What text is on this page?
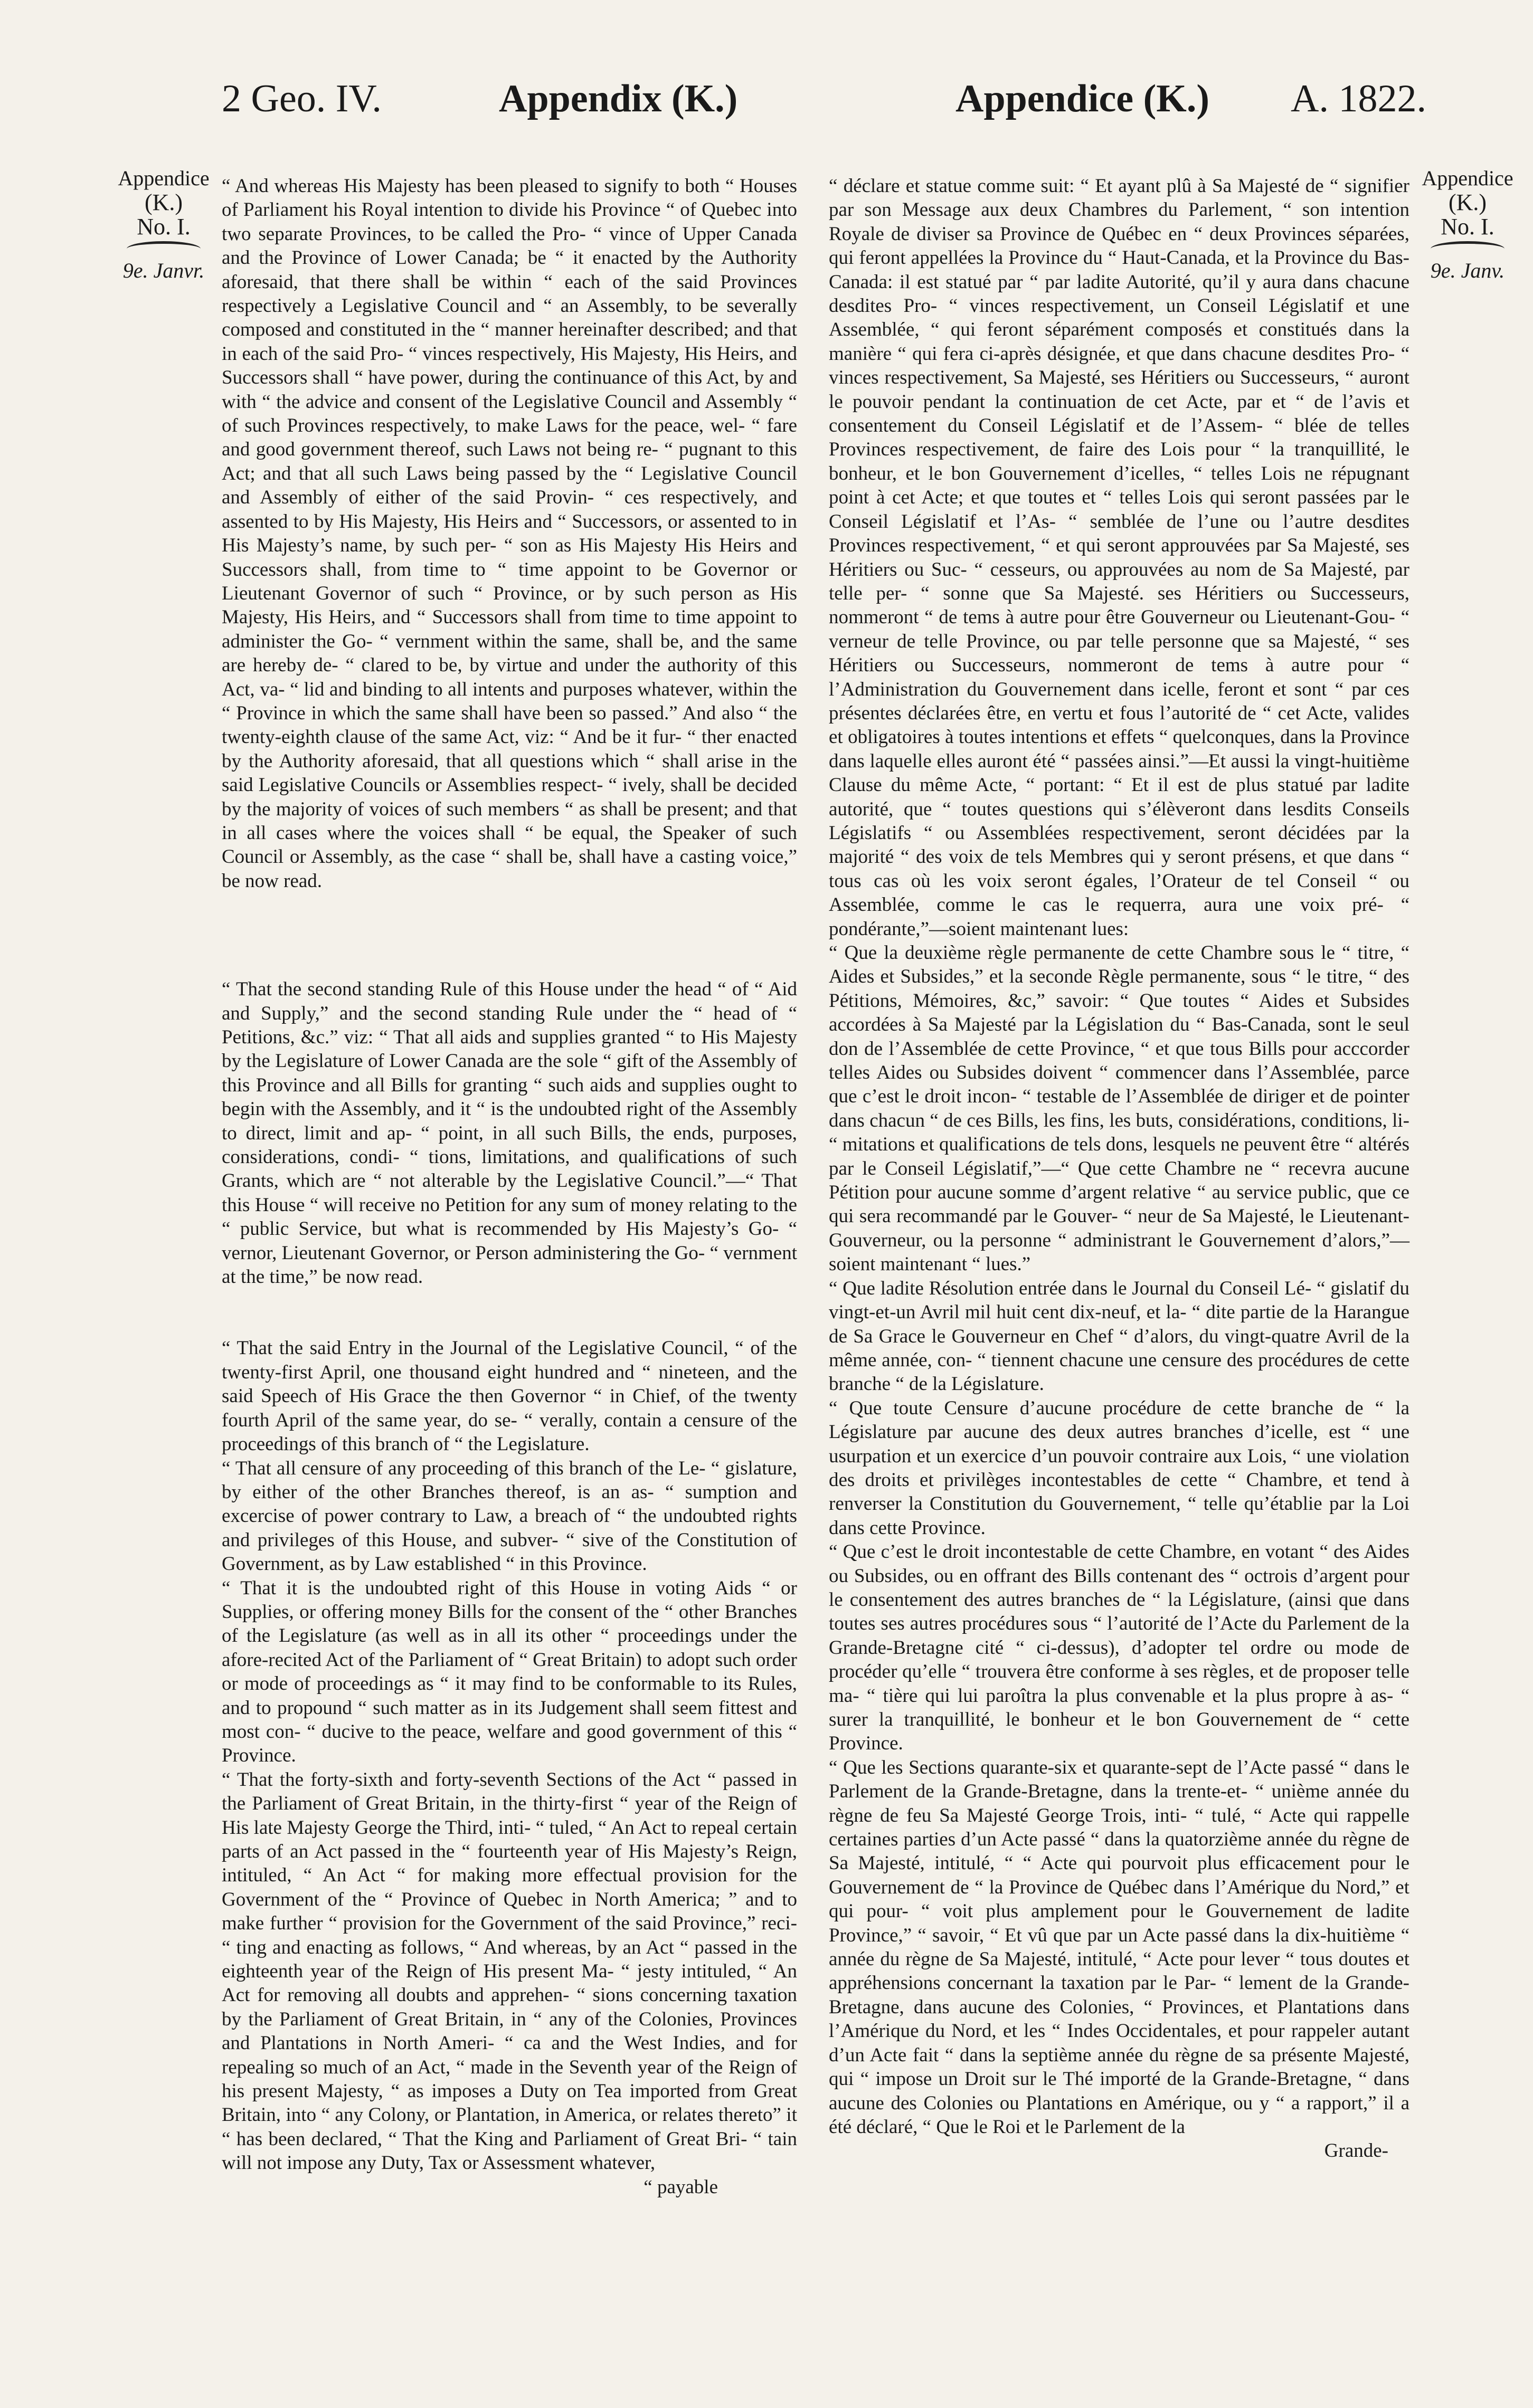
2 Geo. IV.	Appendix (K.)	Appendice (K.) A. 1822.
Appendice
(K.)
No. I.
9e. Janvr.
Appendice
(K.)
No. I.
9e. Janv.

“ And whereas His Majesty has been pleased to signify to both “ Houses of Parliament his Royal intention to divide his Province “ of Quebec into two separate Provinces, to be called the Pro- “ vince of Upper Canada and the Province of Lower Canada; be “ it enacted by the Authority aforesaid, that there shall be within “ each of the said Provinces respectively a Legislative Council and “ an Assembly, to be severally composed and constituted in the “ manner hereinafter described; and that in each of the said Pro- “ vinces respectively, His Majesty, His Heirs, and Successors shall “ have power, during the continuance of this Act, by and with “ the advice and consent of the Legislative Council and Assembly “ of such Provinces respectively, to make Laws for the peace, wel- “ fare and good government thereof, such Laws not being re- “ pugnant to this Act; and that all such Laws being passed by the “ Legislative Council and Assembly of either of the said Provin- “ ces respectively, and assented to by His Majesty, His Heirs and “ Successors, or assented to in His Majesty’s name, by such per- “ son as His Majesty His Heirs and Successors shall, from time to “ time appoint to be Governor or Lieutenant Governor of such “ Province, or by such person as His Majesty, His Heirs, and “ Successors shall from time to time appoint to administer the Go- “ vernment within the same, shall be, and the same are hereby de- “ clared to be, by virtue and under the authority of this Act, va- “ lid and binding to all intents and purposes whatever, within the “ Province in which the same shall have been so passed.” And also “ the twenty-eighth clause of the same Act, viz: “ And be it fur- “ ther enacted by the Authority aforesaid, that all questions which “ shall arise in the said Legislative Councils or Assemblies respect- “ ively, shall be decided by the majority of voices of such members “ as shall be present; and that in all cases where the voices shall “ be equal, the Speaker of such Council or Assembly, as the case “ shall be, shall have a casting voice,” be now read.

“ That the second standing Rule of this House under the head “ of “ Aid and Supply,” and the second standing Rule under the “ head of “ Petitions, &c.” viz: “ That all aids and supplies granted “ to His Majesty by the Legislature of Lower Canada are the sole “ gift of the Assembly of this Province and all Bills for granting “ such aids and supplies ought to begin with the Assembly, and it “ is the undoubted right of the Assembly to direct, limit and ap- “ point, in all such Bills, the ends, purposes, considerations, condi- “ tions, limitations, and qualifications of such Grants, which are “ not alterable by the Legislative Council.”—“ That this House “ will receive no Petition for any sum of money relating to the “ public Service, but what is recommended by His Majesty’s Go- “ vernor, Lieutenant Governor, or Person administering the Go- “ vernment at the time,” be now read.

“ That the said Entry in the Journal of the Legislative Council, “ of the twenty-first April, one thousand eight hundred and “ nineteen, and the said Speech of His Grace the then Governor “ in Chief, of the twenty fourth April of the same year, do se- “ verally, contain a censure of the proceedings of this branch of “ the Legislature.

“ That all censure of any proceeding of this branch of the Le- “ gislature, by either of the other Branches thereof, is an as- “ sumption and excercise of power contrary to Law, a breach of “ the undoubted rights and privileges of this House, and subver- “ sive of the Constitution of Government, as by Law established “ in this Province.

“ That it is the undoubted right of this House in voting Aids “ or Supplies, or offering money Bills for the consent of the “ other Branches of the Legislature (as well as in all its other “ proceedings under the afore-recited Act of the Parliament of “ Great Britain) to adopt such order or mode of proceedings as “ it may find to be conformable to its Rules, and to propound “ such matter as in its Judgement shall seem fittest and most con- “ ducive to the peace, welfare and good government of this “ Province.

“ That the forty-sixth and forty-seventh Sections of the Act “ passed in the Parliament of Great Britain, in the thirty-first “ year of the Reign of His late Majesty George the Third, inti- “ tuled, “ An Act to repeal certain parts of an Act passed in the “ fourteenth year of His Majesty’s Reign, intituled, “ An Act “ for making more effectual provision for the Government of the “ Province of Quebec in North America; ” and to make further “ provision for the Government of the said Province,” reci- “ ting and enacting as follows, “ And whereas, by an Act “ passed in the eighteenth year of the Reign of His present Ma- “ jesty intituled, “ An Act for removing all doubts and apprehen- “ sions concerning taxation by the Parliament of Great Britain, in “ any of the Colonies, Provinces and Plantations in North Ameri- “ ca and the West Indies, and for repealing so much of an Act, “ made in the Seventh year of the Reign of his present Majesty, “ as imposes a Duty on Tea imported from Great Britain, into “ any Colony, or Plantation, in America, or relates thereto” it “ has been declared, “ That the King and Parliament of Great Bri- “ tain will not impose any Duty, Tax or Assessment whatever,

“ payable

“ déclare et statue comme suit: “ Et ayant plû à Sa Majesté de “ signifier par son Message aux deux Chambres du Parlement, “ son intention Royale de diviser sa Province de Québec en “ deux Provinces séparées, qui feront appellées la Province du “ Haut-Canada, et la Province du Bas-Canada: il est statué par “ par ladite Autorité, qu’il y aura dans chacune desdites Pro- “ vinces respectivement, un Conseil Législatif et une Assemblée, “ qui feront séparément composés et constitués dans la manière “ qui fera ci-après désignée, et que dans chacune desdites Pro- “ vinces respectivement, Sa Majesté, ses Héritiers ou Successeurs, “ auront le pouvoir pendant la continuation de cet Acte, par et “ de l’avis et consentement du Conseil Législatif et de l’Assem- “ blée de telles Provinces respectivement, de faire des Lois pour “ la tranquillité, le bonheur, et le bon Gouvernement d’icelles, “ telles Lois ne répugnant point à cet Acte; et que toutes et “ telles Lois qui seront passées par le Conseil Législatif et l’As- “ semblée de l’une ou l’autre desdites Provinces respectivement, “ et qui seront approuvées par Sa Majesté, ses Héritiers ou Suc- “ cesseurs, ou approuvées au nom de Sa Majesté, par telle per- “ sonne que Sa Majesté. ses Héritiers ou Successeurs, nommeront “ de tems à autre pour être Gouverneur ou Lieutenant-Gou- “ verneur de telle Province, ou par telle personne que sa Majesté, “ ses Héritiers ou Successeurs, nommeront de tems à autre pour “ l’Administration du Gouvernement dans icelle, feront et sont “ par ces présentes déclarées être, en vertu et fous l’autorité de “ cet Acte, valides et obligatoires à toutes intentions et effets “ quelconques, dans la Province dans laquelle elles auront été “ passées ainsi.”—Et aussi la vingt-huitième Clause du même Acte, “ portant: “ Et il est de plus statué par ladite autorité, que “ toutes questions qui s’élèveront dans lesdits Conseils Législatifs “ ou Assemblées respectivement, seront décidées par la majorité “ des voix de tels Membres qui y seront présens, et que dans “ tous cas où les voix seront égales, l’Orateur de tel Conseil “ ou Assemblée, comme le cas le requerra, aura une voix pré- “ pondérante,”—soient maintenant lues:

“ Que la deuxième règle permanente de cette Chambre sous le “ titre, “ Aides et Subsides,” et la seconde Règle permanente, sous “ le titre, “ des Pétitions, Mémoires, &c,” savoir: “ Que toutes “ Aides et Subsides accordées à Sa Majesté par la Législation du “ Bas-Canada, sont le seul don de l’Assemblée de cette Province, “ et que tous Bills pour acccorder telles Aides ou Subsides doivent “ commencer dans l’Assemblée, parce que c’est le droit incon- “ testable de l’Assemblée de diriger et de pointer dans chacun “ de ces Bills, les fins, les buts, considérations, conditions, li- “ mitations et qualifications de tels dons, lesquels ne peuvent être “ altérés par le Conseil Législatif,”—“ Que cette Chambre ne “ recevra aucune Pétition pour aucune somme d’argent relative “ au service public, que ce qui sera recommandé par le Gouver- “ neur de Sa Majesté, le Lieutenant-Gouverneur, ou la personne “ administrant le Gouvernement d’alors,”—soient maintenant “ lues.”

“ Que ladite Résolution entrée dans le Journal du Conseil Lé- “ gislatif du vingt-et-un Avril mil huit cent dix-neuf, et la- “ dite partie de la Harangue de Sa Grace le Gouverneur en Chef “ d’alors, du vingt-quatre Avril de la même année, con- “ tiennent chacune une censure des procédures de cette branche “ de la Législature.

“ Que toute Censure d’aucune procédure de cette branche de “ la Législature par aucune des deux autres branches d’icelle, est “ une usurpation et un exercice d’un pouvoir contraire aux Lois, “ une violation des droits et privilèges incontestables de cette “ Chambre, et tend à renverser la Constitution du Gouvernement, “ telle qu’établie par la Loi dans cette Province.

“ Que c’est le droit incontestable de cette Chambre, en votant “ des Aides ou Subsides, ou en offrant des Bills contenant des “ octrois d’argent pour le consentement des autres branches de “ la Législature, (ainsi que dans toutes ses autres procédures sous “ l’autorité de l’Acte du Parlement de la Grande-Bretagne cité “ ci-dessus), d’adopter tel ordre ou mode de procéder qu’elle “ trouvera être conforme à ses règles, et de proposer telle ma- “ tière qui lui paroîtra la plus convenable et la plus propre à as- “ surer la tranquillité, le bonheur et le bon Gouvernement de “ cette Province.

“ Que les Sections quarante-six et quarante-sept de l’Acte passé “ dans le Parlement de la Grande-Bretagne, dans la trente-et- “ unième année du règne de feu Sa Majesté George Trois, inti- “ tulé, “ Acte qui rappelle certaines parties d’un Acte passé “ dans la quatorzième année du règne de Sa Majesté, intitulé, “ “ Acte qui pourvoit plus efficacement pour le Gouvernement de “ la Province de Québec dans l’Amérique du Nord,” et qui pour- “ voit plus amplement pour le Gouvernement de ladite Province,” “ savoir, “ Et vû que par un Acte passé dans la dix-huitième “ année du règne de Sa Majesté, intitulé, “ Acte pour lever “ tous doutes et appréhensions concernant la taxation par le Par- “ lement de la Grande-Bretagne, dans aucune des Colonies, “ Provinces, et Plantations dans l’Amérique du Nord, et les “ Indes Occidentales, et pour rappeler autant d’un Acte fait “ dans la septième année du règne de sa présente Majesté, qui “ impose un Droit sur le Thé importé de la Grande-Bretagne, “ dans aucune des Colonies ou Plantations en Amérique, ou y “ a rapport,” il a été déclaré, “ Que le Roi et le Parlement de la

Grande-
